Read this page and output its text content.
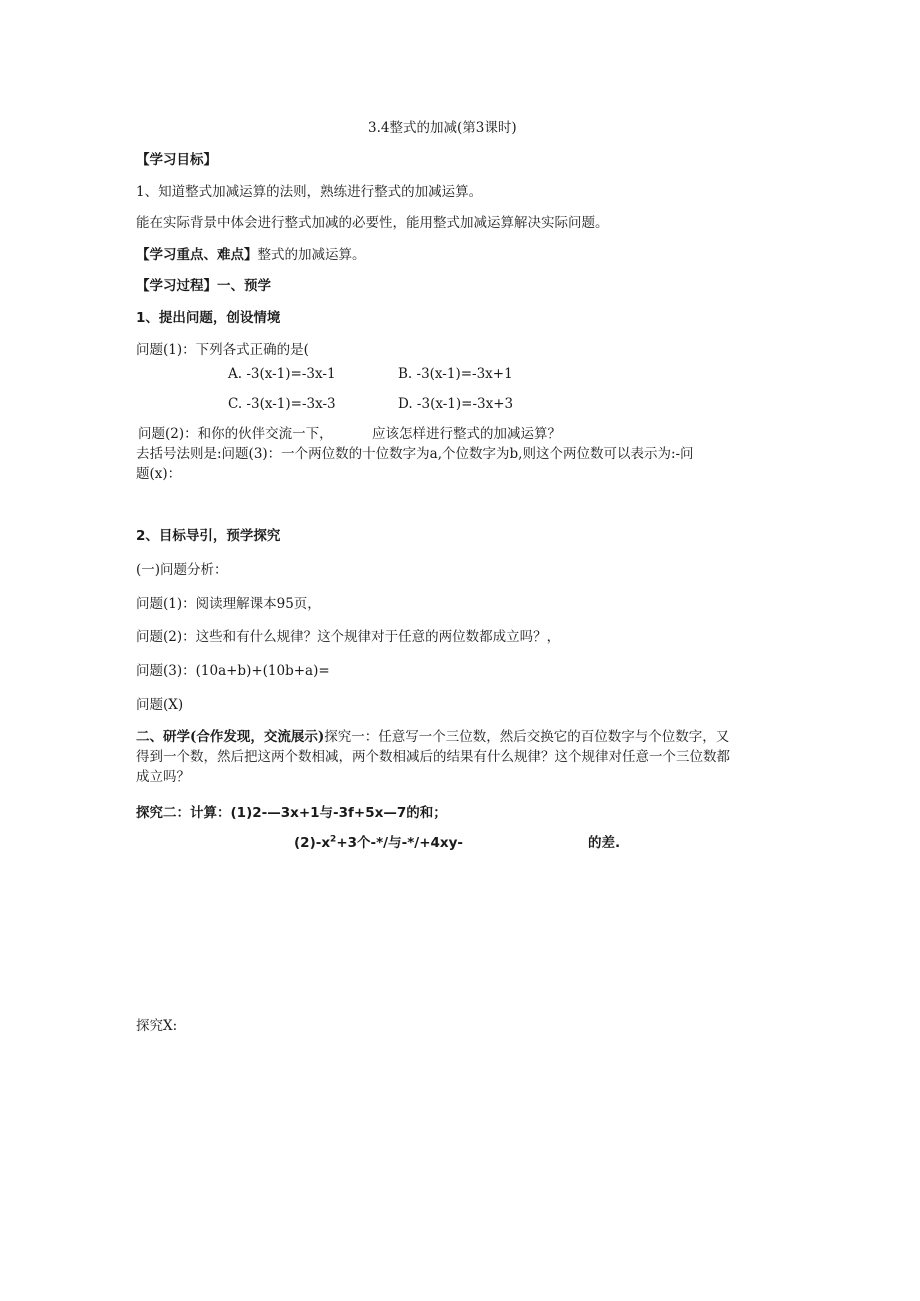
3.4整式的加减(第3课时)
【学习目标】
1、知道整式加减运算的法则，熟练进行整式的加减运算。
能在实际背景中体会进行整式加减的必要性，能用整式加减运算解决实际问题。
【学习重点、难点】整式的加减运算。
【学习过程】一、预学
1、提出问题，创设情境
问题(1)：下列各式正确的是(
A. -3(x-1)=-3x-1	B. -3(x-1)=-3x+1
C. -3(x-1)=-3x-3	D. -3(x-1)=-3x+3
问题(2)：和你的伙伴交流一下，	应该怎样进行整式的加减运算？
去括号法则是:问题(3)：一个两位数的十位数字为a,个位数字为b,则这个两位数可以表示为:-问
题(x)：
2、目标导引，预学探究
(一)问题分析：
问题(1)：阅读理解课本95页，
问题(2)：这些和有什么规律？这个规律对于任意的两位数都成立吗？，
问题(3)：(10a+b)+(10b+a)=
问题(X)
二、研学(合作发现，交流展示)探究一：任意写一个三位数，然后交换它的百位数字与个位数字，又
得到一个数，然后把这两个数相减，两个数相减后的结果有什么规律？这个规律对任意一个三位数都
成立吗？
探究二：计算：(1)2-—3x+1与-3f+5x—7的和；
$(2)-x^2+3$个-*/与-*/+4xy-	的差.
探究X:
